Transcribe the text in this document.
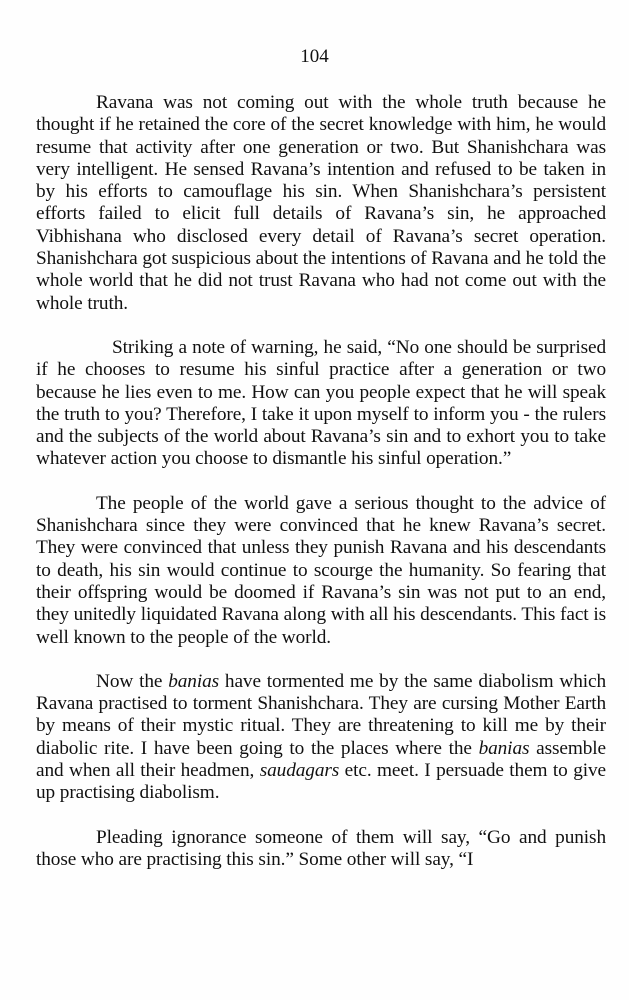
104

Ravana was not coming out with the whole truth because he thought if he retained the core of the secret knowledge with him, he would resume that activity after one generation or two. But Shanishchara was very intelligent. He sensed Ravana’s intention and refused to be taken in by his efforts to camouflage his sin. When Shanishchara’s persistent efforts failed to elicit full details of Ravana’s sin, he approached Vibhishana who disclosed every detail of Ravana’s secret operation. Shanishchara got suspicious about the intentions of Ravana and he told the whole world that he did not trust Ravana who had not come out with the whole truth.

Striking a note of warning, he said, “No one should be surprised if he chooses to resume his sinful practice after a generation or two because he lies even to me. How can you people expect that he will speak the truth to you? Therefore, I take it upon myself to inform you - the rulers and the subjects of the world about Ravana’s sin and to exhort you to take whatever action you choose to dismantle his sinful operation.”

The people of the world gave a serious thought to the advice of Shanishchara since they were convinced that he knew Ravana’s secret. They were convinced that unless they punish Ravana and his descendants to death, his sin would continue to scourge the humanity. So fearing that their offspring would be doomed if Ravana’s sin was not put to an end, they unitedly liquidated Ravana along with all his descendants. This fact is well known to the people of the world.

Now the banias have tormented me by the same diabolism which Ravana practised to torment Shanishchara. They are cursing Mother Earth by means of their mystic ritual. They are threatening to kill me by their diabolic rite. I have been going to the places where the banias assemble and when all their headmen, saudagars etc. meet. I persuade them to give up practising diabolism.

Pleading ignorance someone of them will say, “Go and punish those who are practising this sin.” Some other will say, “I
